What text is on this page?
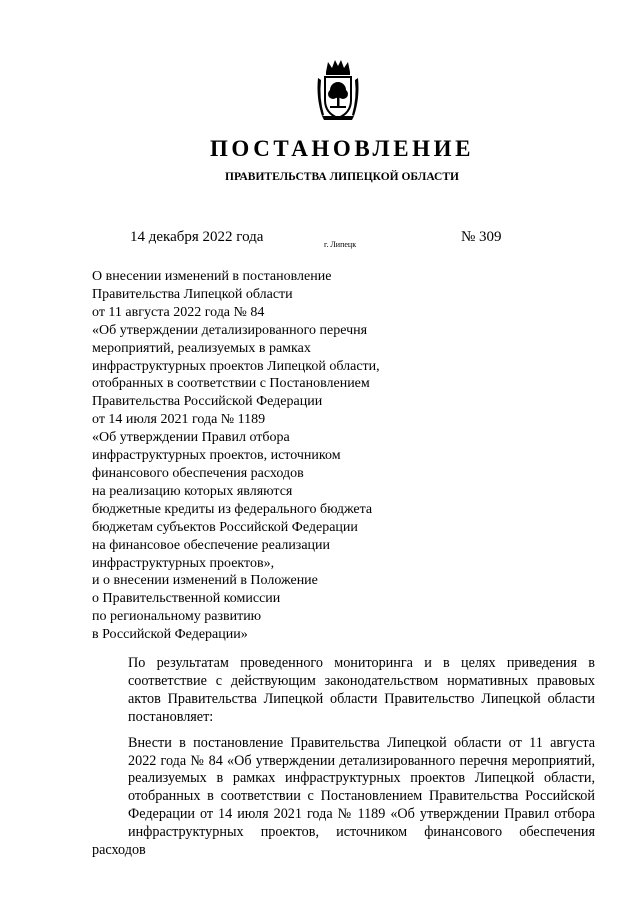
ПОСТАНОВЛЕНИЕ
ПРАВИТЕЛЬСТВА ЛИПЕЦКОЙ ОБЛАСТИ
14 декабря 2022 года	г. Липецк	№ 309
О внесении изменений в постановление
Правительства Липецкой области
от 11 августа 2022 года № 84
«Об утверждении детализированного перечня
мероприятий, реализуемых в рамках
инфраструктурных проектов Липецкой области,
отобранных в соответствии с Постановлением
Правительства Российской Федерации
от 14 июля 2021 года № 1189
«Об утверждении Правил отбора
инфраструктурных проектов, источником
финансового обеспечения расходов
на реализацию которых являются
бюджетные кредиты из федерального бюджета
бюджетам субъектов Российской Федерации
на финансовое обеспечение реализации
инфраструктурных проектов»,
и о внесении изменений в Положение
о Правительственной комиссии
по региональному развитию
в Российской Федерации»

По результатам проведенного мониторинга и в целях приведения в
соответствие с действующим законодательством нормативных правовых
актов Правительства Липецкой области Правительство Липецкой области
постановляет:

Внести в постановление Правительства Липецкой области от 11 августа
2022 года № 84 «Об утверждении детализированного перечня мероприятий,
реализуемых в рамках инфраструктурных проектов Липецкой области,
отобранных в соответствии с Постановлением Правительства Российской
Федерации от 14 июля 2021 года № 1189 «Об утверждении Правил отбора
инфраструктурных проектов, источником финансового обеспечения расходов
